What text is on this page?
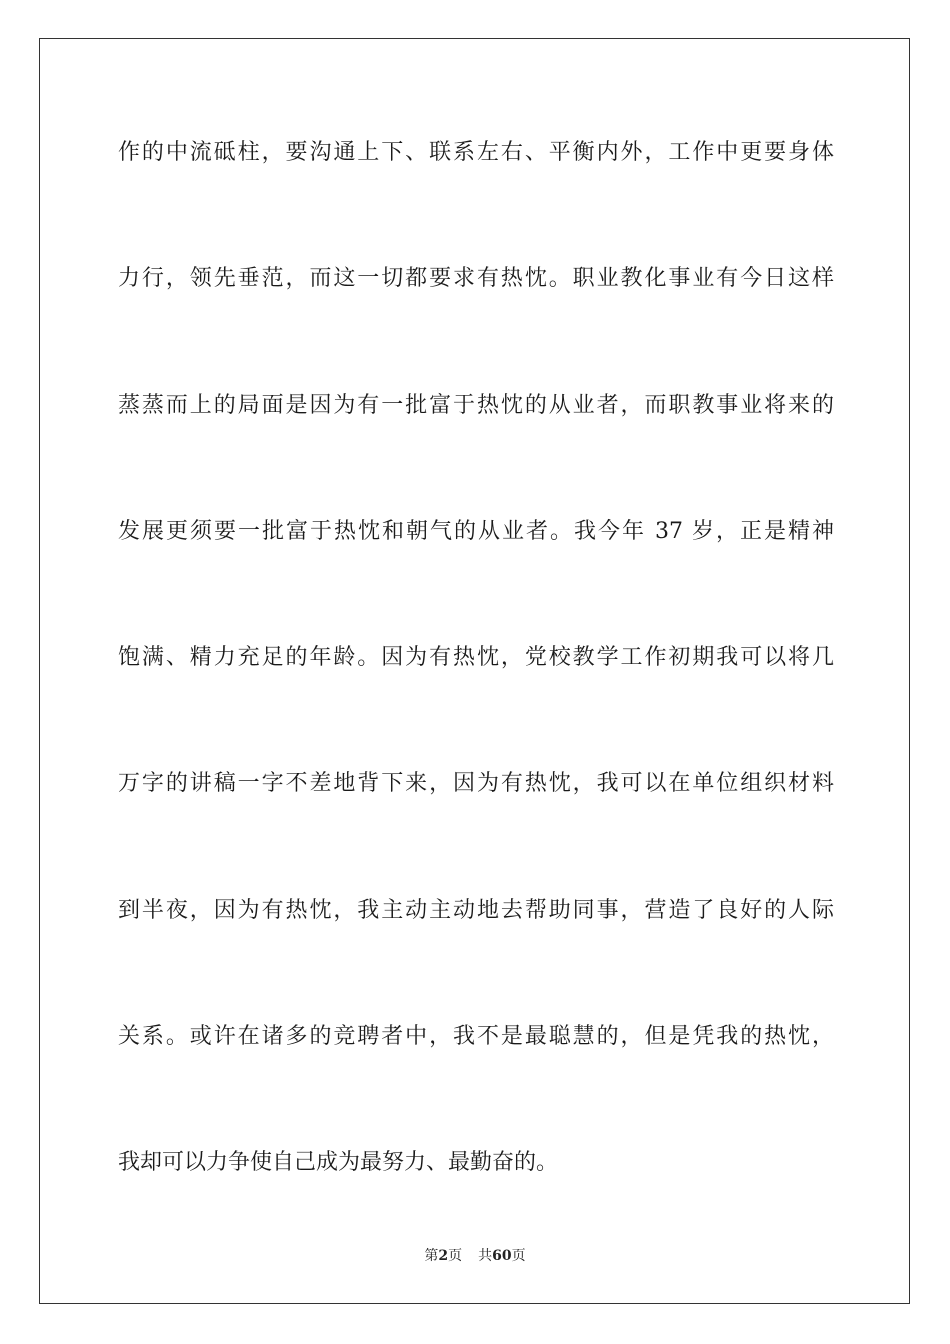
作的中流砥柱，要沟通上下、联系左右、平衡内外，工作中更要身体
力行，领先垂范，而这一切都要求有热忱。职业教化事业有今日这样
蒸蒸而上的局面是因为有一批富于热忱的从业者，而职教事业将来的
发展更须要一批富于热忱和朝气的从业者。我今年 37 岁，正是精神
饱满、精力充足的年龄。因为有热忱，党校教学工作初期我可以将几
万字的讲稿一字不差地背下来，因为有热忱，我可以在单位组织材料
到半夜，因为有热忱，我主动主动地去帮助同事，营造了良好的人际
关系。或许在诸多的竞聘者中，我不是最聪慧的，但是凭我的热忱，
我却可以力争使自己成为最努力、最勤奋的。
第2页 共60页
